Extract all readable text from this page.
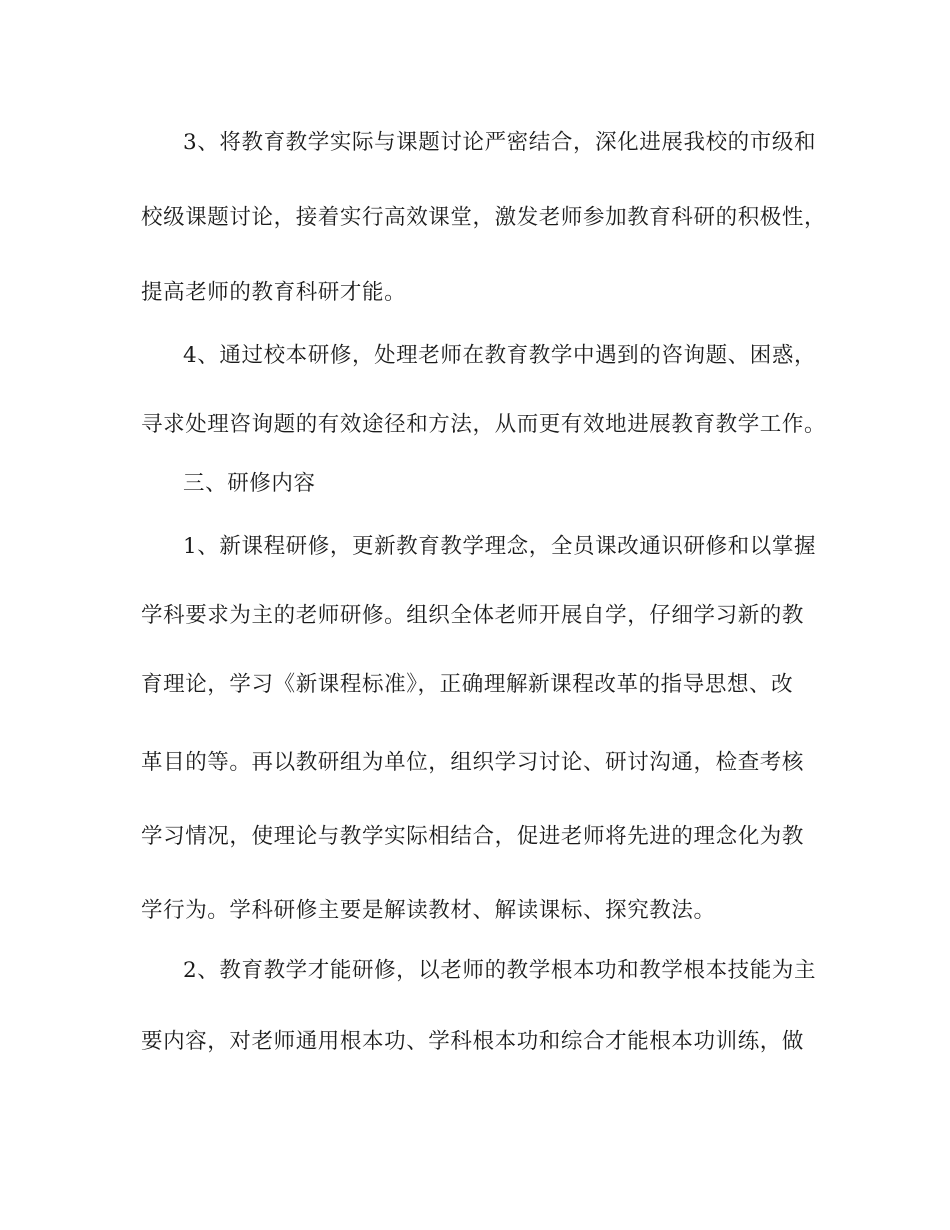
3、将教育教学实际与课题讨论严密结合，深化进展我校的市级和
校级课题讨论，接着实行高效课堂，激发老师参加教育科研的积极性，
提高老师的教育科研才能。
4、通过校本研修，处理老师在教育教学中遇到的咨询题、困惑，
寻求处理咨询题的有效途径和方法，从而更有效地进展教育教学工作。
三、研修内容
1、新课程研修，更新教育教学理念，全员课改通识研修和以掌握
学科要求为主的老师研修。组织全体老师开展自学，仔细学习新的教
育理论，学习《新课程标准》，正确理解新课程改革的指导思想、改
革目的等。再以教研组为单位，组织学习讨论、研讨沟通，检查考核
学习情况，使理论与教学实际相结合，促进老师将先进的理念化为教
学行为。学科研修主要是解读教材、解读课标、探究教法。
2、教育教学才能研修，以老师的教学根本功和教学根本技能为主
要内容，对老师通用根本功、学科根本功和综合才能根本功训练，做
